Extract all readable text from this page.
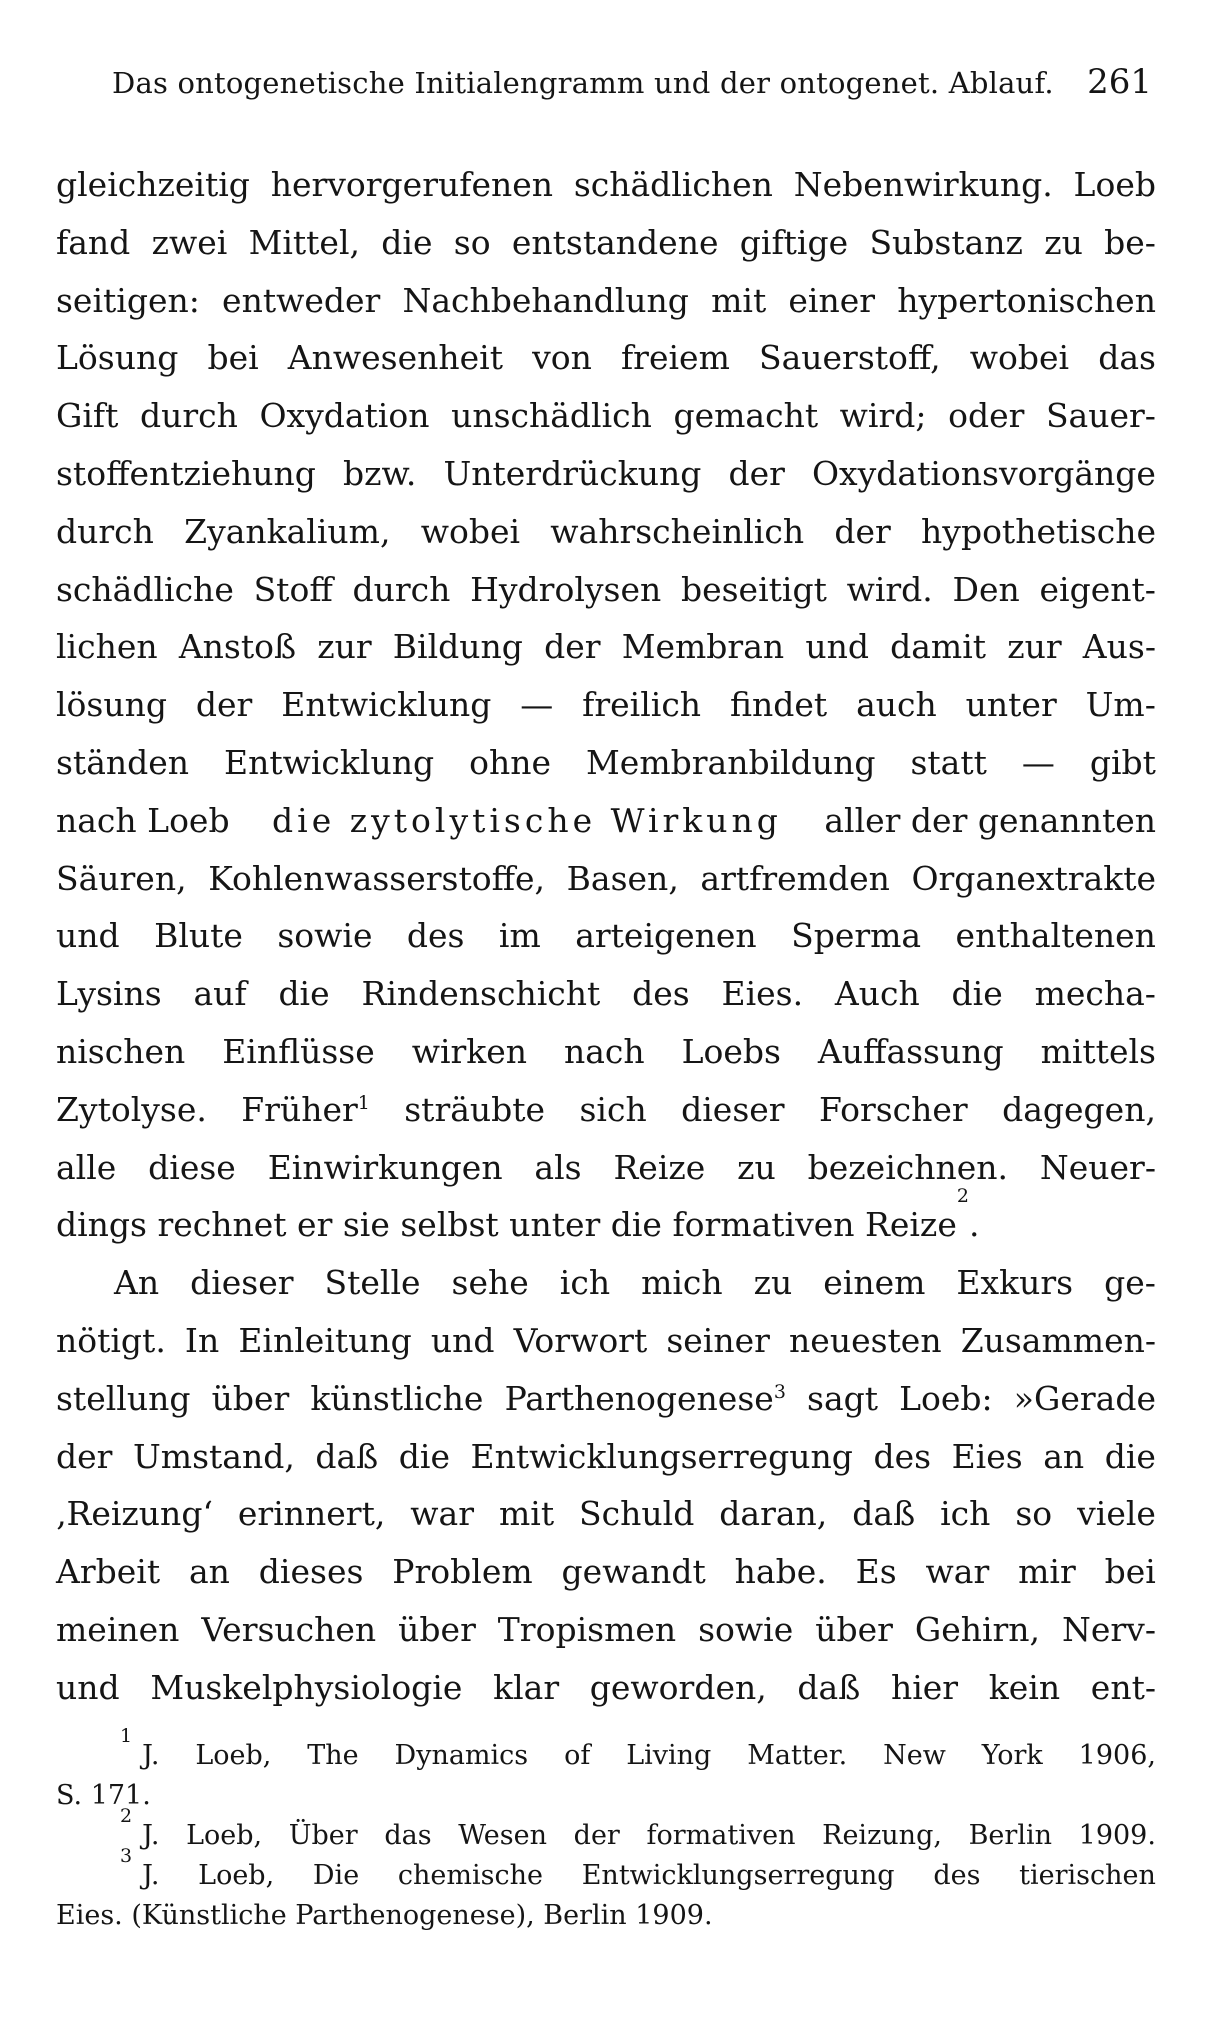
Das ontogenetische Initialengramm und der ontogenet. Ablauf. 261
gleichzeitig hervorgerufenen schädlichen Nebenwirkung. Loeb
fand zwei Mittel, die so entstandene giftige Substanz zu be-
seitigen: entweder Nachbehandlung mit einer hypertonischen
Lösung bei Anwesenheit von freiem Sauerstoff, wobei das
Gift durch Oxydation unschädlich gemacht wird; oder Sauer-
stoffentziehung bzw. Unterdrückung der Oxydationsvorgänge
durch Zyankalium, wobei wahrscheinlich der hypothetische
schädliche Stoff durch Hydrolysen beseitigt wird. Den eigent-
lichen Anstoß zur Bildung der Membran und damit zur Aus-
lösung der Entwicklung — freilich findet auch unter Um-
ständen Entwicklung ohne Membranbildung statt — gibt
nach Loeb die zytolytische Wirkung aller der genannten
Säuren, Kohlenwasserstoffe, Basen, artfremden Organextrakte
und Blute sowie des im arteigenen Sperma enthaltenen
Lysins auf die Rindenschicht des Eies. Auch die mecha-
nischen Einflüsse wirken nach Loebs Auffassung mittels
Zytolyse. Früher$^1$ sträubte sich dieser Forscher dagegen,
alle diese Einwirkungen als Reize zu bezeichnen. Neuer-
dings rechnet er sie selbst unter die formativen Reize
2
.
An dieser Stelle sehe ich mich zu einem Exkurs ge-
nötigt. In Einleitung und Vorwort seiner neuesten Zusammen-
stellung über künstliche Parthenogenese$^3$ sagt Loeb: »Gerade
der Umstand, daß die Entwicklungserregung des Eies an die
‚Reizung‘ erinnert, war mit Schuld daran, daß ich so viele
Arbeit an dieses Problem gewandt habe. Es war mir bei
meinen Versuchen über Tropismen sowie über Gehirn, Nerv-
und Muskelphysiologie klar geworden, daß hier kein ent-
1
J. Loeb, The Dynamics of Living Matter. New York 1906,
S. 171.
2
J. Loeb, Über das Wesen der formativen Reizung, Berlin 1909.
3
J. Loeb, Die chemische Entwicklungserregung des tierischen
Eies. (Künstliche Parthenogenese), Berlin 1909.
